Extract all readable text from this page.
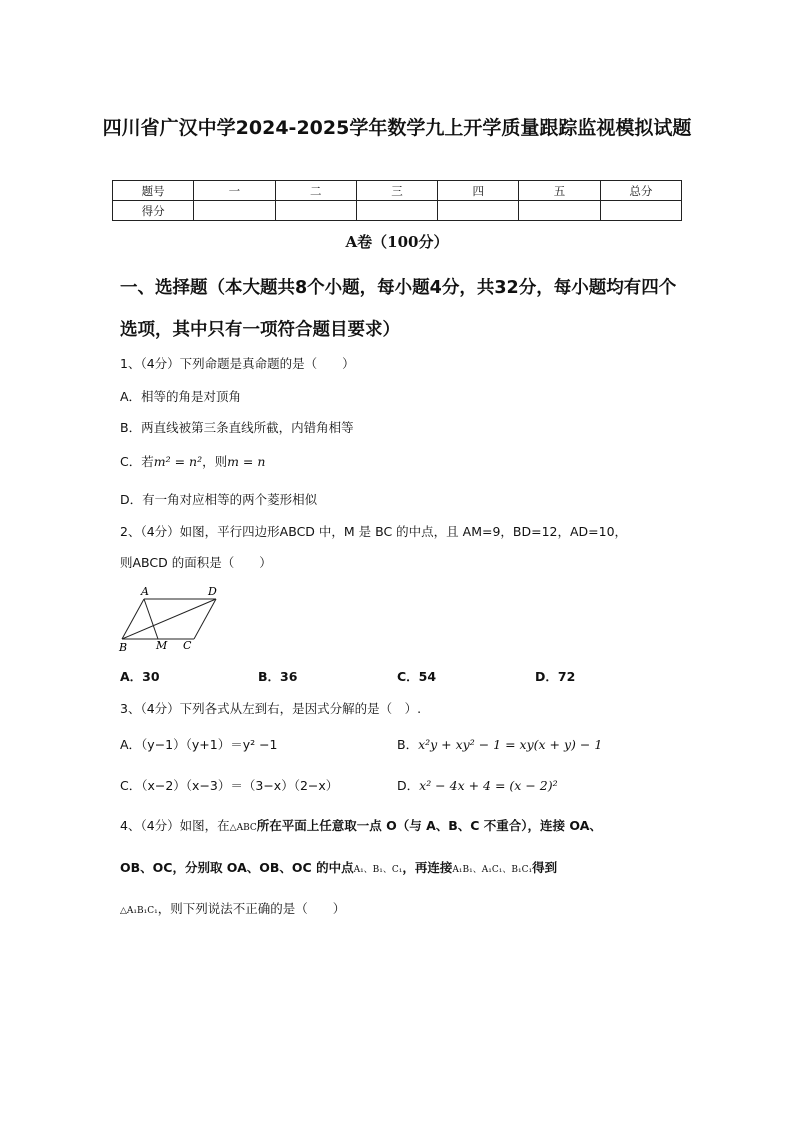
四川省广汉中学2024-2025学年数学九上开学质量跟踪监视模拟试题
题号	一	二	三	四	五	总分
得分						
A卷（100分）
一、选择题（本大题共8个小题，每小题4分，共32分，每小题均有四个选项，其中只有一项符合题目要求）
1、（4分）下列命题是真命题的是（　　）
A．相等的角是对顶角
B．两直线被第三条直线所截，内错角相等
C．若m² = n²，则m = n
D．有一角对应相等的两个菱形相似
2、（4分）如图，平行四边形ABCD 中，M 是 BC 的中点，且 AM=9，BD=12，AD=10，
则ABCD 的面积是（　　）
A	D
B	M C
A．30	B．36	C．54	D．72
3、（4分）下列各式从左到右，是因式分解的是（　）.
A．（y−1）（y+1）＝y² −1	B．x²y + xy² − 1 = xy(x + y) − 1
C．（x−2）（x−3）＝（3−x）（2−x）	D．x² − 4x + 4 = (x − 2)²
4、（4分）如图，在△ABC所在平面上任意取一点 O（与 A、B、C 不重合），连接 OA、
OB、OC，分别取 OA、OB、OC 的中点A₁、B₁、C₁，再连接A₁B₁、A₁C₁、B₁C₁得到
△A₁B₁C₁，则下列说法不正确的是（　　）
